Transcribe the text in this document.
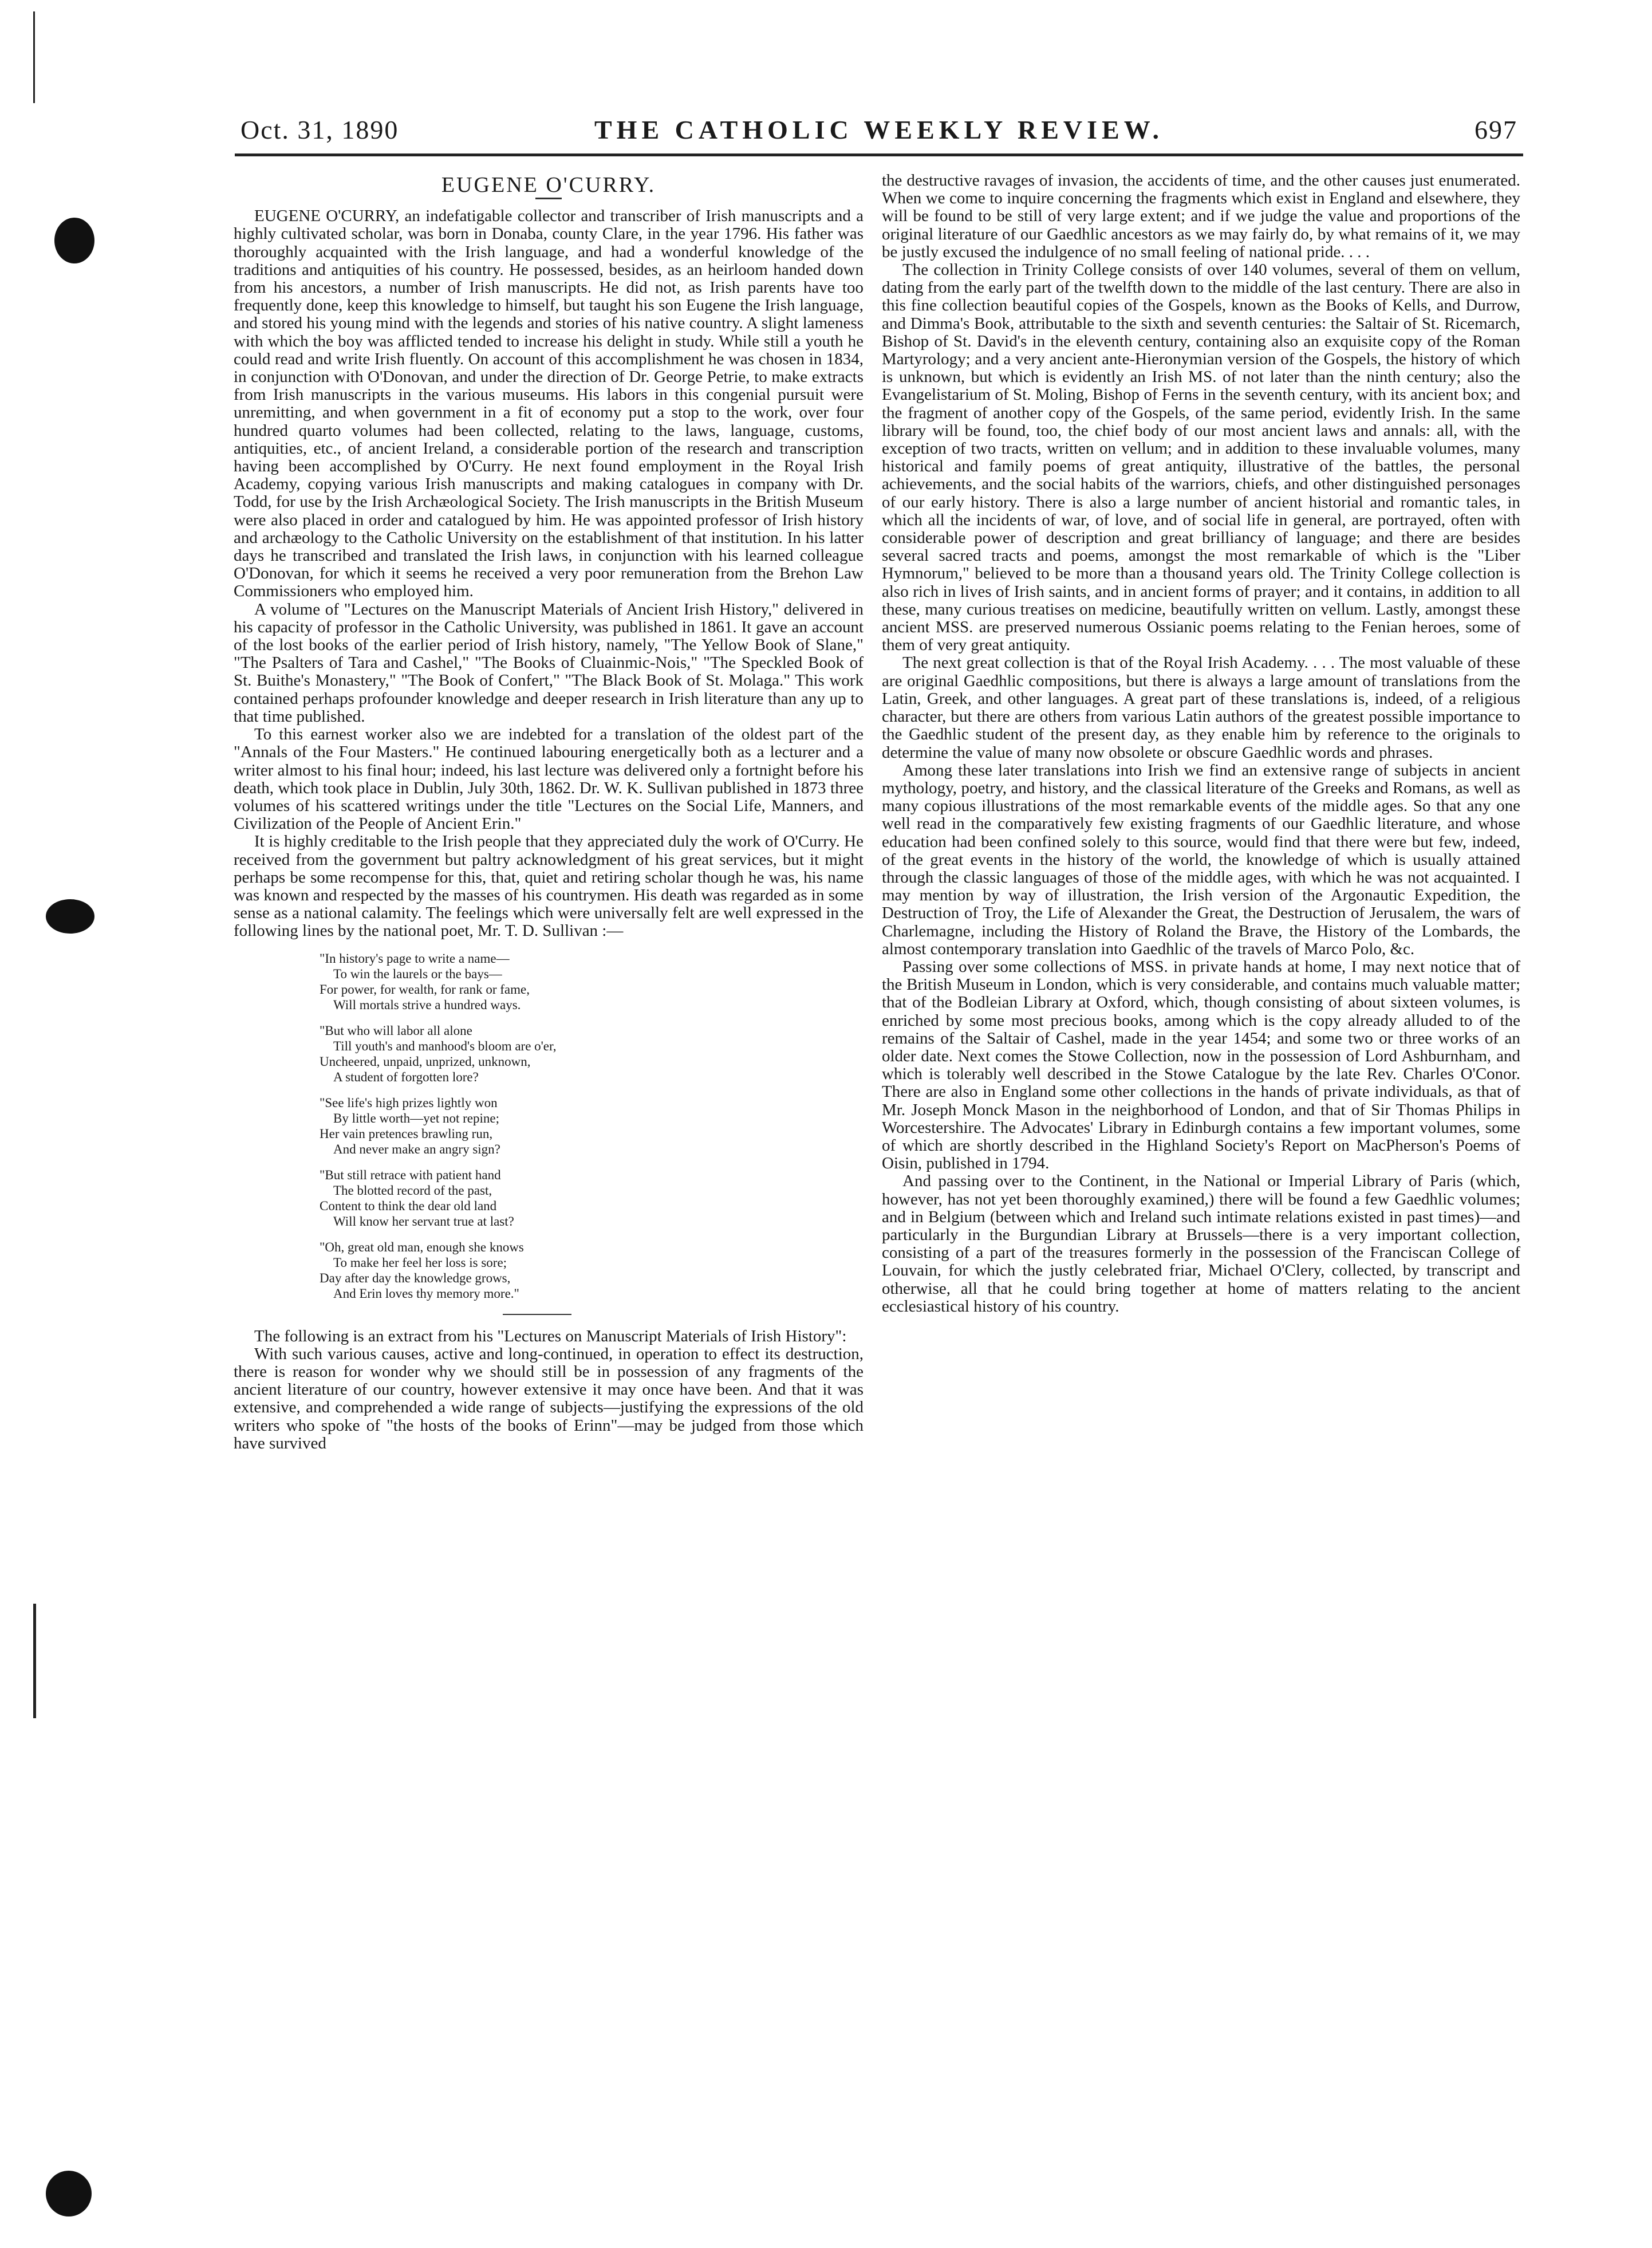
Oct. 31, 1890	THE CATHOLIC WEEKLY REVIEW.	697
EUGENE O'CURRY.

EUGENE O'CURRY, an indefatigable collector and transcriber of Irish manuscripts and a highly cultivated scholar, was born in Donaba, county Clare, in the year 1796. His father was thoroughly acquainted with the Irish language, and had a wonderful knowledge of the traditions and antiquities of his country. He possessed, besides, as an heirloom handed down from his ancestors, a number of Irish manuscripts. He did not, as Irish parents have too frequently done, keep this knowledge to himself, but taught his son Eugene the Irish language, and stored his young mind with the legends and stories of his native country. A slight lameness with which the boy was afflicted tended to increase his delight in study. While still a youth he could read and write Irish fluently. On account of this accomplishment he was chosen in 1834, in conjunction with O'Donovan, and under the direction of Dr. George Petrie, to make extracts from Irish manuscripts in the various museums. His labors in this congenial pursuit were unremitting, and when government in a fit of economy put a stop to the work, over four hundred quarto volumes had been collected, relating to the laws, language, customs, antiquities, etc., of ancient Ireland, a considerable portion of the research and transcription having been accomplished by O'Curry. He next found employment in the Royal Irish Academy, copying various Irish manuscripts and making catalogues in company with Dr. Todd, for use by the Irish Archæological Society. The Irish manuscripts in the British Museum were also placed in order and catalogued by him. He was appointed professor of Irish history and archæology to the Catholic University on the establishment of that institution. In his latter days he transcribed and translated the Irish laws, in conjunction with his learned colleague O'Donovan, for which it seems he received a very poor remuneration from the Brehon Law Commissioners who employed him.

A volume of "Lectures on the Manuscript Materials of Ancient Irish History," delivered in his capacity of professor in the Catholic University, was published in 1861. It gave an account of the lost books of the earlier period of Irish history, namely, "The Yellow Book of Slane," "The Psalters of Tara and Cashel," "The Books of Cluainmic-Nois," "The Speckled Book of St. Buithe's Monastery," "The Book of Confert," "The Black Book of St. Molaga." This work contained perhaps profounder knowledge and deeper research in Irish literature than any up to that time published.

To this earnest worker also we are indebted for a translation of the oldest part of the "Annals of the Four Masters." He continued labouring energetically both as a lecturer and a writer almost to his final hour; indeed, his last lecture was delivered only a fortnight before his death, which took place in Dublin, July 30th, 1862. Dr. W. K. Sullivan published in 1873 three volumes of his scattered writings under the title "Lectures on the Social Life, Manners, and Civilization of the People of Ancient Erin."

It is highly creditable to the Irish people that they appreciated duly the work of O'Curry. He received from the government but paltry acknowledgment of his great services, but it might perhaps be some recompense for this, that, quiet and retiring scholar though he was, his name was known and respected by the masses of his countrymen. His death was regarded as in some sense as a national calamity. The feelings which were universally felt are well expressed in the following lines by the national poet, Mr. T. D. Sullivan :—

"In history's page to write a name—
To win the laurels or the bays—
For power, for wealth, for rank or fame,
Will mortals strive a hundred ways.
"But who will labor all alone
Till youth's and manhood's bloom are o'er,
Uncheered, unpaid, unprized, unknown,
A student of forgotten lore?
"See life's high prizes lightly won
By little worth—yet not repine;
Her vain pretences brawling run,
And never make an angry sign?
"But still retrace with patient hand
The blotted record of the past,
Content to think the dear old land
Will know her servant true at last?
"Oh, great old man, enough she knows
To make her feel her loss is sore;
Day after day the knowledge grows,
And Erin loves thy memory more."

The following is an extract from his "Lectures on Manuscript Materials of Irish History":

With such various causes, active and long-continued, in operation to effect its destruction, there is reason for wonder why we should still be in possession of any fragments of the ancient literature of our country, however extensive it may once have been. And that it was extensive, and comprehended a wide range of subjects—justifying the expressions of the old writers who spoke of "the hosts of the books of Erinn"—may be judged from those which have survived

the destructive ravages of invasion, the accidents of time, and the other causes just enumerated. When we come to inquire concerning the fragments which exist in England and elsewhere, they will be found to be still of very large extent; and if we judge the value and proportions of the original literature of our Gaedhlic ancestors as we may fairly do, by what remains of it, we may be justly excused the indulgence of no small feeling of national pride. . . .

The collection in Trinity College consists of over 140 volumes, several of them on vellum, dating from the early part of the twelfth down to the middle of the last century. There are also in this fine collection beautiful copies of the Gospels, known as the Books of Kells, and Durrow, and Dimma's Book, attributable to the sixth and seventh centuries: the Saltair of St. Ricemarch, Bishop of St. David's in the eleventh century, containing also an exquisite copy of the Roman Martyrology; and a very ancient ante-Hieronymian version of the Gospels, the history of which is unknown, but which is evidently an Irish MS. of not later than the ninth century; also the Evangelistarium of St. Moling, Bishop of Ferns in the seventh century, with its ancient box; and the fragment of another copy of the Gospels, of the same period, evidently Irish. In the same library will be found, too, the chief body of our most ancient laws and annals: all, with the exception of two tracts, written on vellum; and in addition to these invaluable volumes, many historical and family poems of great antiquity, illustrative of the battles, the personal achievements, and the social habits of the warriors, chiefs, and other distinguished personages of our early history. There is also a large number of ancient historial and romantic tales, in which all the incidents of war, of love, and of social life in general, are portrayed, often with considerable power of description and great brilliancy of language; and there are besides several sacred tracts and poems, amongst the most remarkable of which is the "Liber Hymnorum," believed to be more than a thousand years old. The Trinity College collection is also rich in lives of Irish saints, and in ancient forms of prayer; and it contains, in addition to all these, many curious treatises on medicine, beautifully written on vellum. Lastly, amongst these ancient MSS. are preserved numerous Ossianic poems relating to the Fenian heroes, some of them of very great antiquity.

The next great collection is that of the Royal Irish Academy. . . . The most valuable of these are original Gaedhlic compositions, but there is always a large amount of translations from the Latin, Greek, and other languages. A great part of these translations is, indeed, of a religious character, but there are others from various Latin authors of the greatest possible importance to the Gaedhlic student of the present day, as they enable him by reference to the originals to determine the value of many now obsolete or obscure Gaedhlic words and phrases.

Among these later translations into Irish we find an extensive range of subjects in ancient mythology, poetry, and history, and the classical literature of the Greeks and Romans, as well as many copious illustrations of the most remarkable events of the middle ages. So that any one well read in the comparatively few existing fragments of our Gaedhlic literature, and whose education had been confined solely to this source, would find that there were but few, indeed, of the great events in the history of the world, the knowledge of which is usually attained through the classic languages of those of the middle ages, with which he was not acquainted. I may mention by way of illustration, the Irish version of the Argonautic Expedition, the Destruction of Troy, the Life of Alexander the Great, the Destruction of Jerusalem, the wars of Charlemagne, including the History of Roland the Brave, the History of the Lombards, the almost contemporary translation into Gaedhlic of the travels of Marco Polo, &c.

Passing over some collections of MSS. in private hands at home, I may next notice that of the British Museum in London, which is very considerable, and contains much valuable matter; that of the Bodleian Library at Oxford, which, though consisting of about sixteen volumes, is enriched by some most precious books, among which is the copy already alluded to of the remains of the Saltair of Cashel, made in the year 1454; and some two or three works of an older date. Next comes the Stowe Collection, now in the possession of Lord Ashburnham, and which is tolerably well described in the Stowe Catalogue by the late Rev. Charles O'Conor. There are also in England some other collections in the hands of private individuals, as that of Mr. Joseph Monck Mason in the neighborhood of London, and that of Sir Thomas Philips in Worcestershire. The Advocates' Library in Edinburgh contains a few important volumes, some of which are shortly described in the Highland Society's Report on MacPherson's Poems of Oisin, published in 1794.

And passing over to the Continent, in the National or Imperial Library of Paris (which, however, has not yet been thoroughly examined,) there will be found a few Gaedhlic volumes; and in Belgium (between which and Ireland such intimate relations existed in past times)—and particularly in the Burgundian Library at Brussels—there is a very important collection, consisting of a part of the treasures formerly in the possession of the Franciscan College of Louvain, for which the justly celebrated friar, Michael O'Clery, collected, by transcript and otherwise, all that he could bring together at home of matters relating to the ancient ecclesiastical history of his country.
